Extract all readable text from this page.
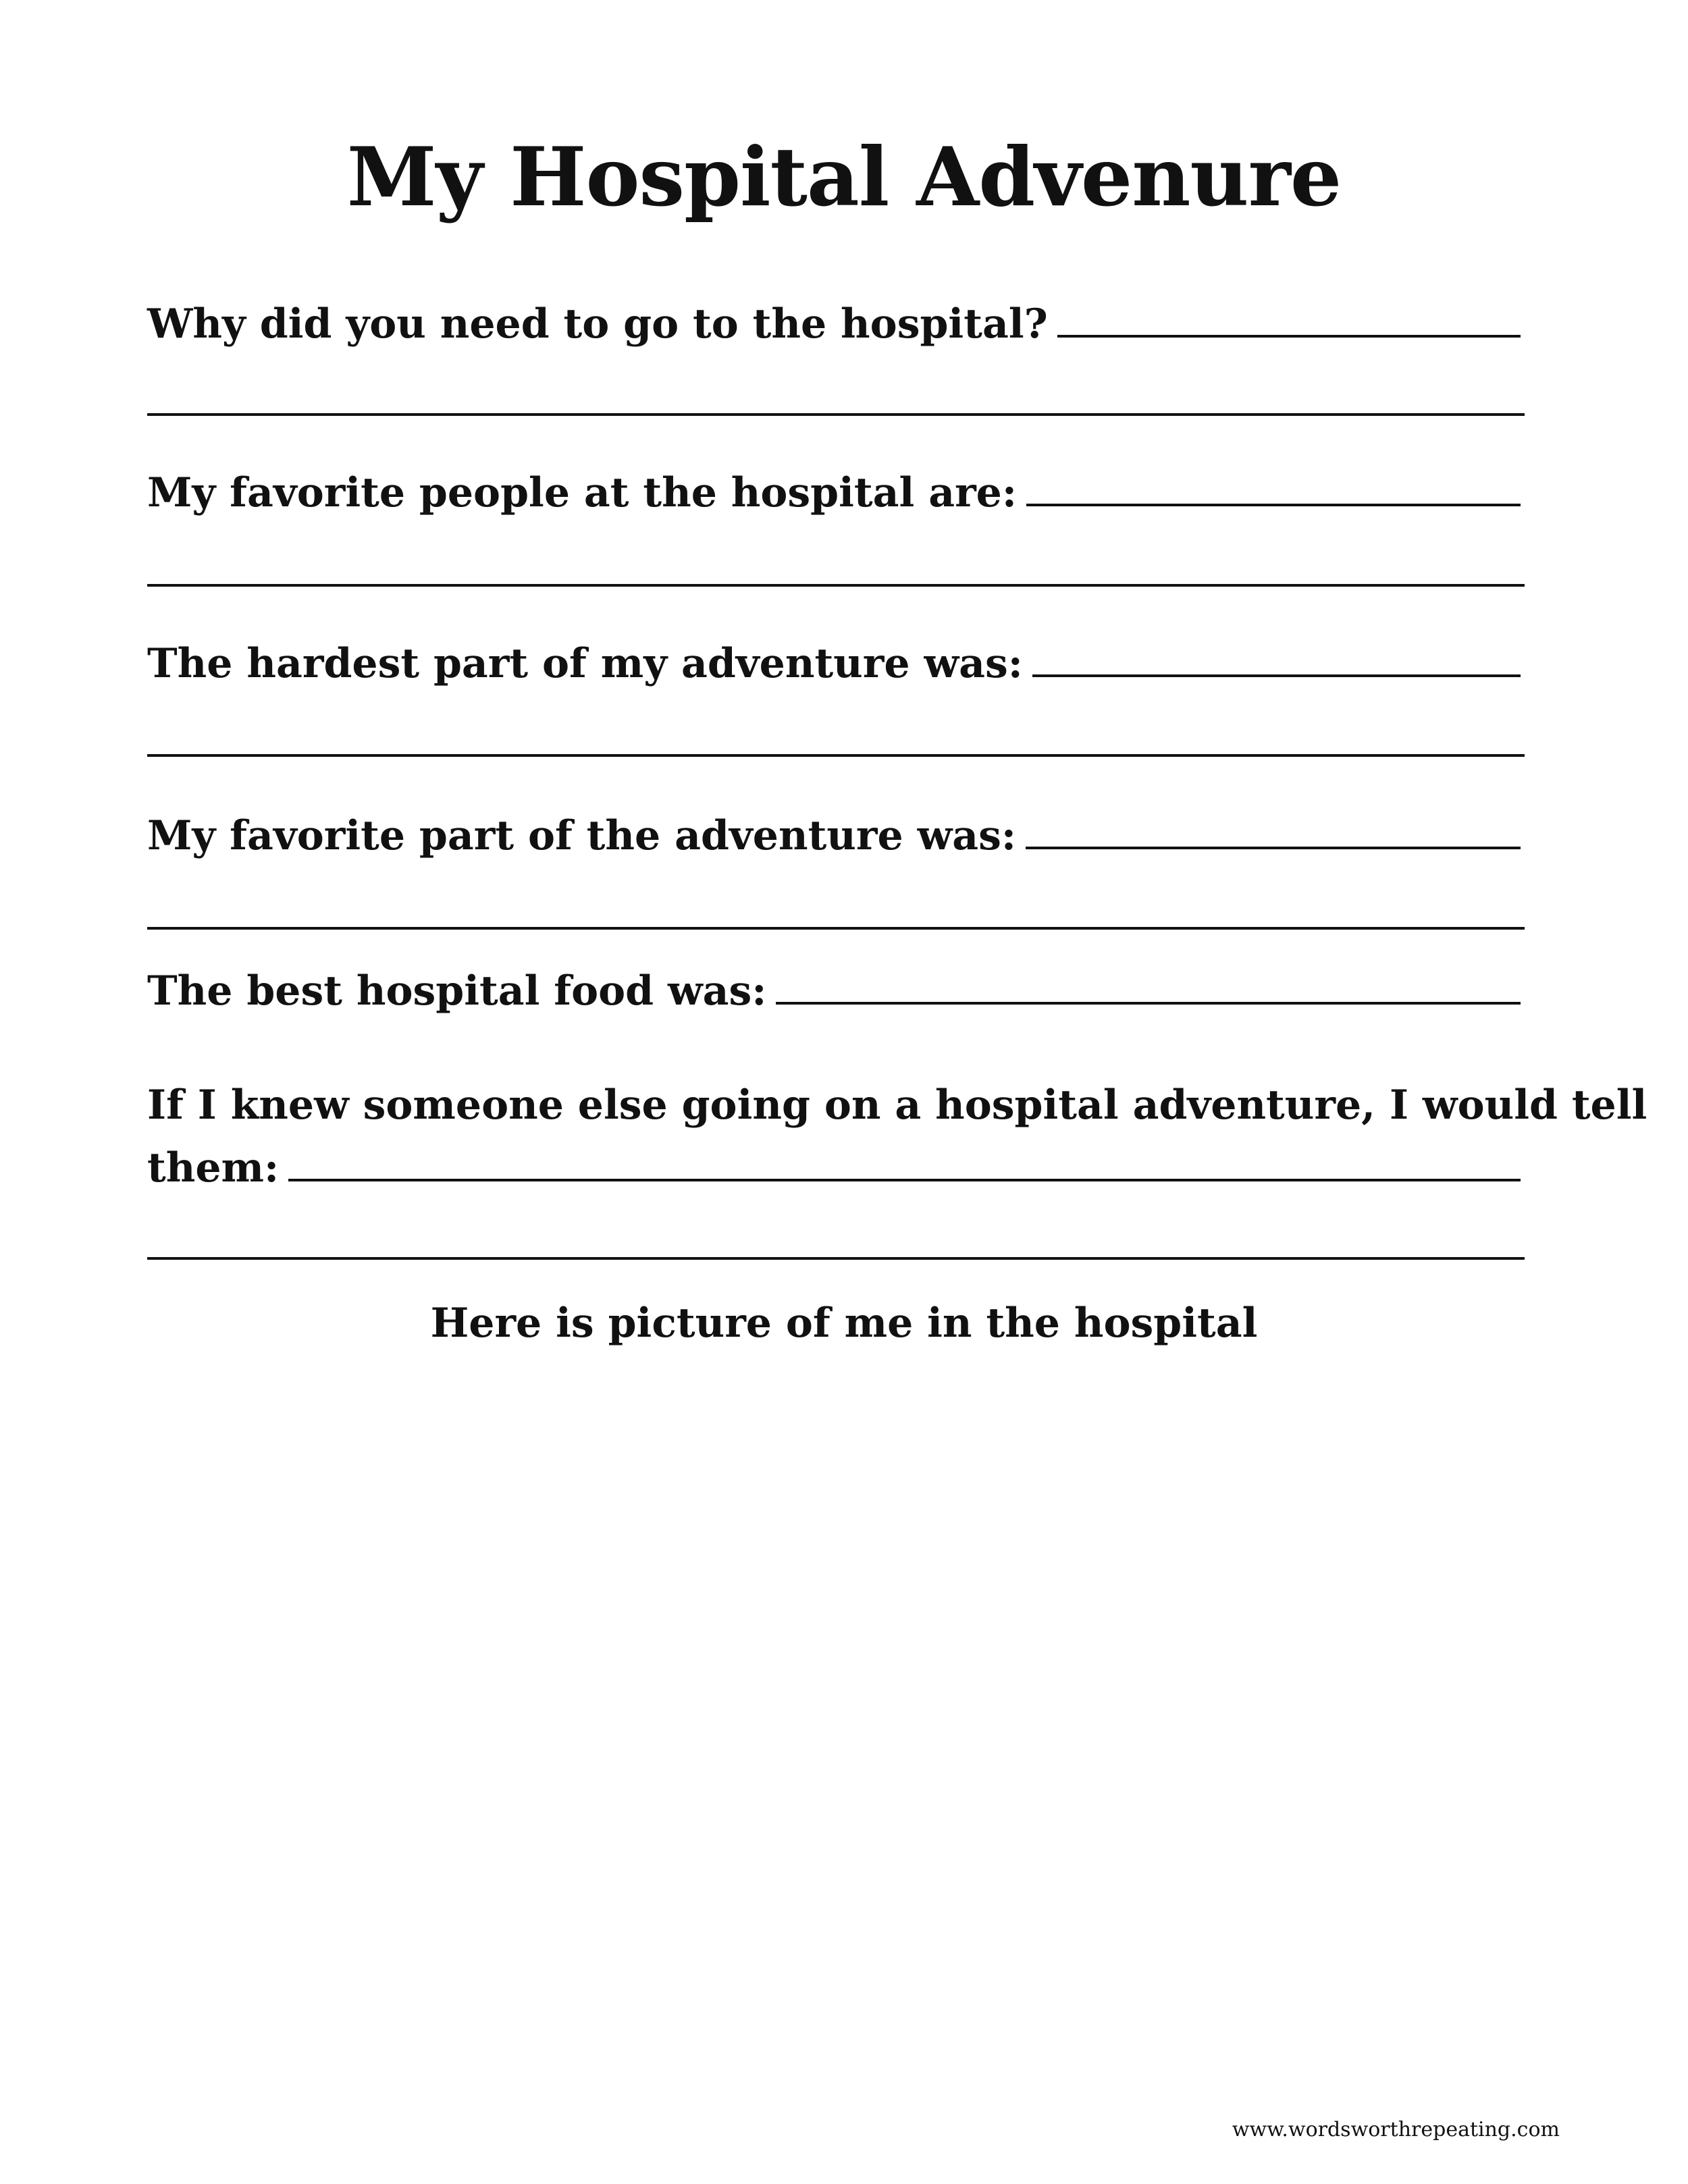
My Hospital Advenure
Why did you need to go to the hospital?
My favorite people at the hospital are:
The hardest part of my adventure was:
My favorite part of the adventure was:
The best hospital food was:
If I knew someone else going on a hospital adventure, I would tell
them:
Here is picture of me in the hospital
www.wordsworthrepeating.com
